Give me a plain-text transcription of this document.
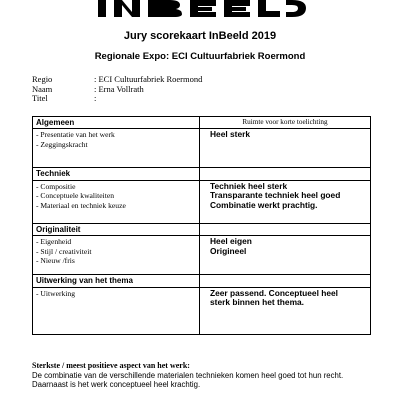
Jury scorekaart InBeeld 2019
Regionale Expo: ECI Cultuurfabriek Roermond
Regio	: ECI Cultuurfabriek Roermond
Naam	: Erna Vollrath
Titel	:
Algemeen	Ruimte voor korte toelichting

- Presentatie van het werk
- Zeggingskracht	Heel sterk

Techniek	

- Compositie
- Conceptuele kwaliteiten
- Materiaal en techniek keuze	Techniek heel sterk
Transparante techniek heel goed
Combinatie werkt prachtig.

Originaliteit	

- Eigenheid
- Stijl / creativiteit
- Nieuw /fris	Heel eigen
Origineel

Uitwerking van het thema	

- Uitwerking	Zeer passend. Conceptueel heel
sterk binnen het thema.
Sterkste / meest positieve aspect van het werk:
De combinatie van de verschillende materialen technieken komen heel goed tot hun recht.
Daarnaast is het werk conceptueel heel krachtig.
